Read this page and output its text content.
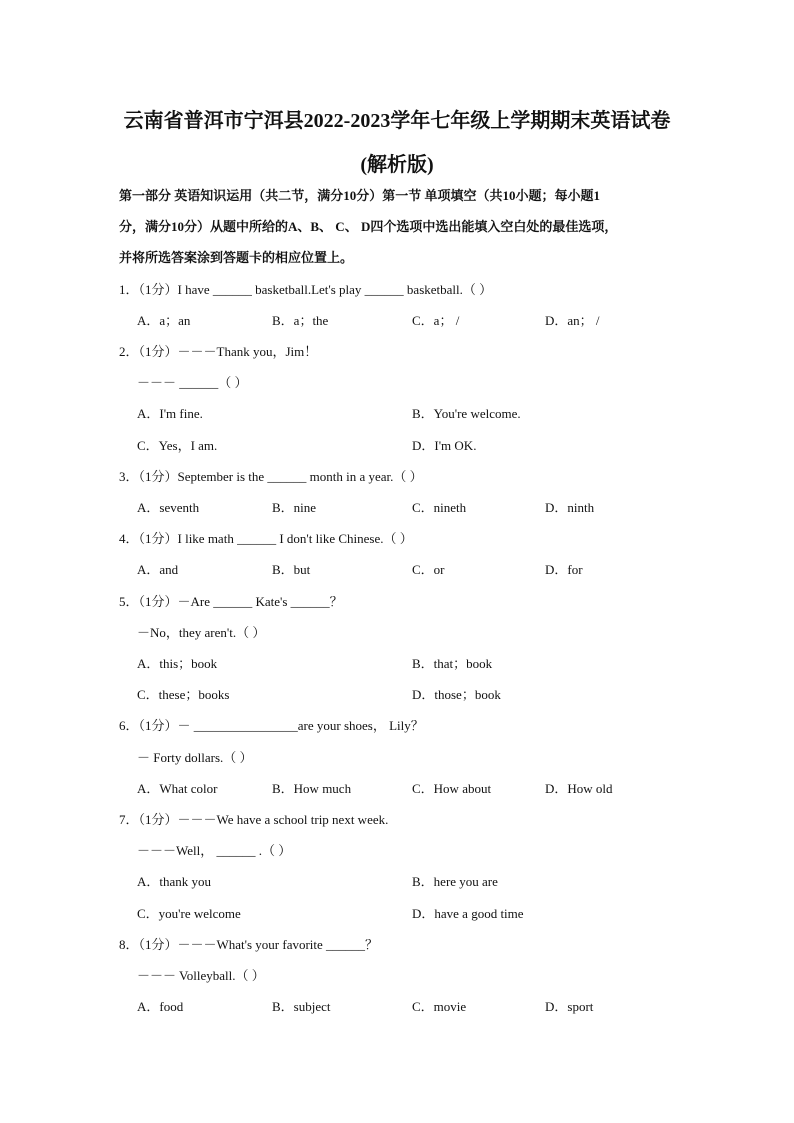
云南省普洱市宁洱县2022-2023学年七年级上学期期末英语试卷
(解析版)
第一部分 英语知识运用（共二节，满分10分）第一节 单项填空（共10小题；每小题1
分，满分10分）从题中所给的A、B、 C、 D四个选项中选出能填入空白处的最佳选项，
并将所选答案涂到答题卡的相应位置上。
1．（1分）I have ______ basketball.Let's play ______ basketball.（ ）
A．a；an	B．a；the	C．a； /	D．an； /
2．（1分）－－－Thank you，Jim！
－－－ ______（ ）
A．I'm fine.	B．You're welcome.
C．Yes，I am.	D．I'm OK.
3．（1分）September is the ______ month in a year.（ ）
A．seventh	B．nine	C．nineth	D．ninth
4．（1分）I like math ______ I don't like Chinese.（ ）
A．and	B．but	C．or	D．for
5．（1分）－Are ______ Kate's ______？
－No，they aren't.（ ）
A．this；book	B．that；book
C．these；books	D．those；book
6．（1分）－ ________________are your shoes， Lily？
－ Forty dollars.（ ）
A．What color	B．How much	C．How about	D．How old
7．（1分）－－－We have a school trip next week.
－－－Well， ______ .（ ）
A．thank you	B．here you are
C．you're welcome	D．have a good time
8．（1分）－－－What's your favorite ______？
－－－ Volleyball.（ ）
A．food	B．subject	C．movie	D．sport
